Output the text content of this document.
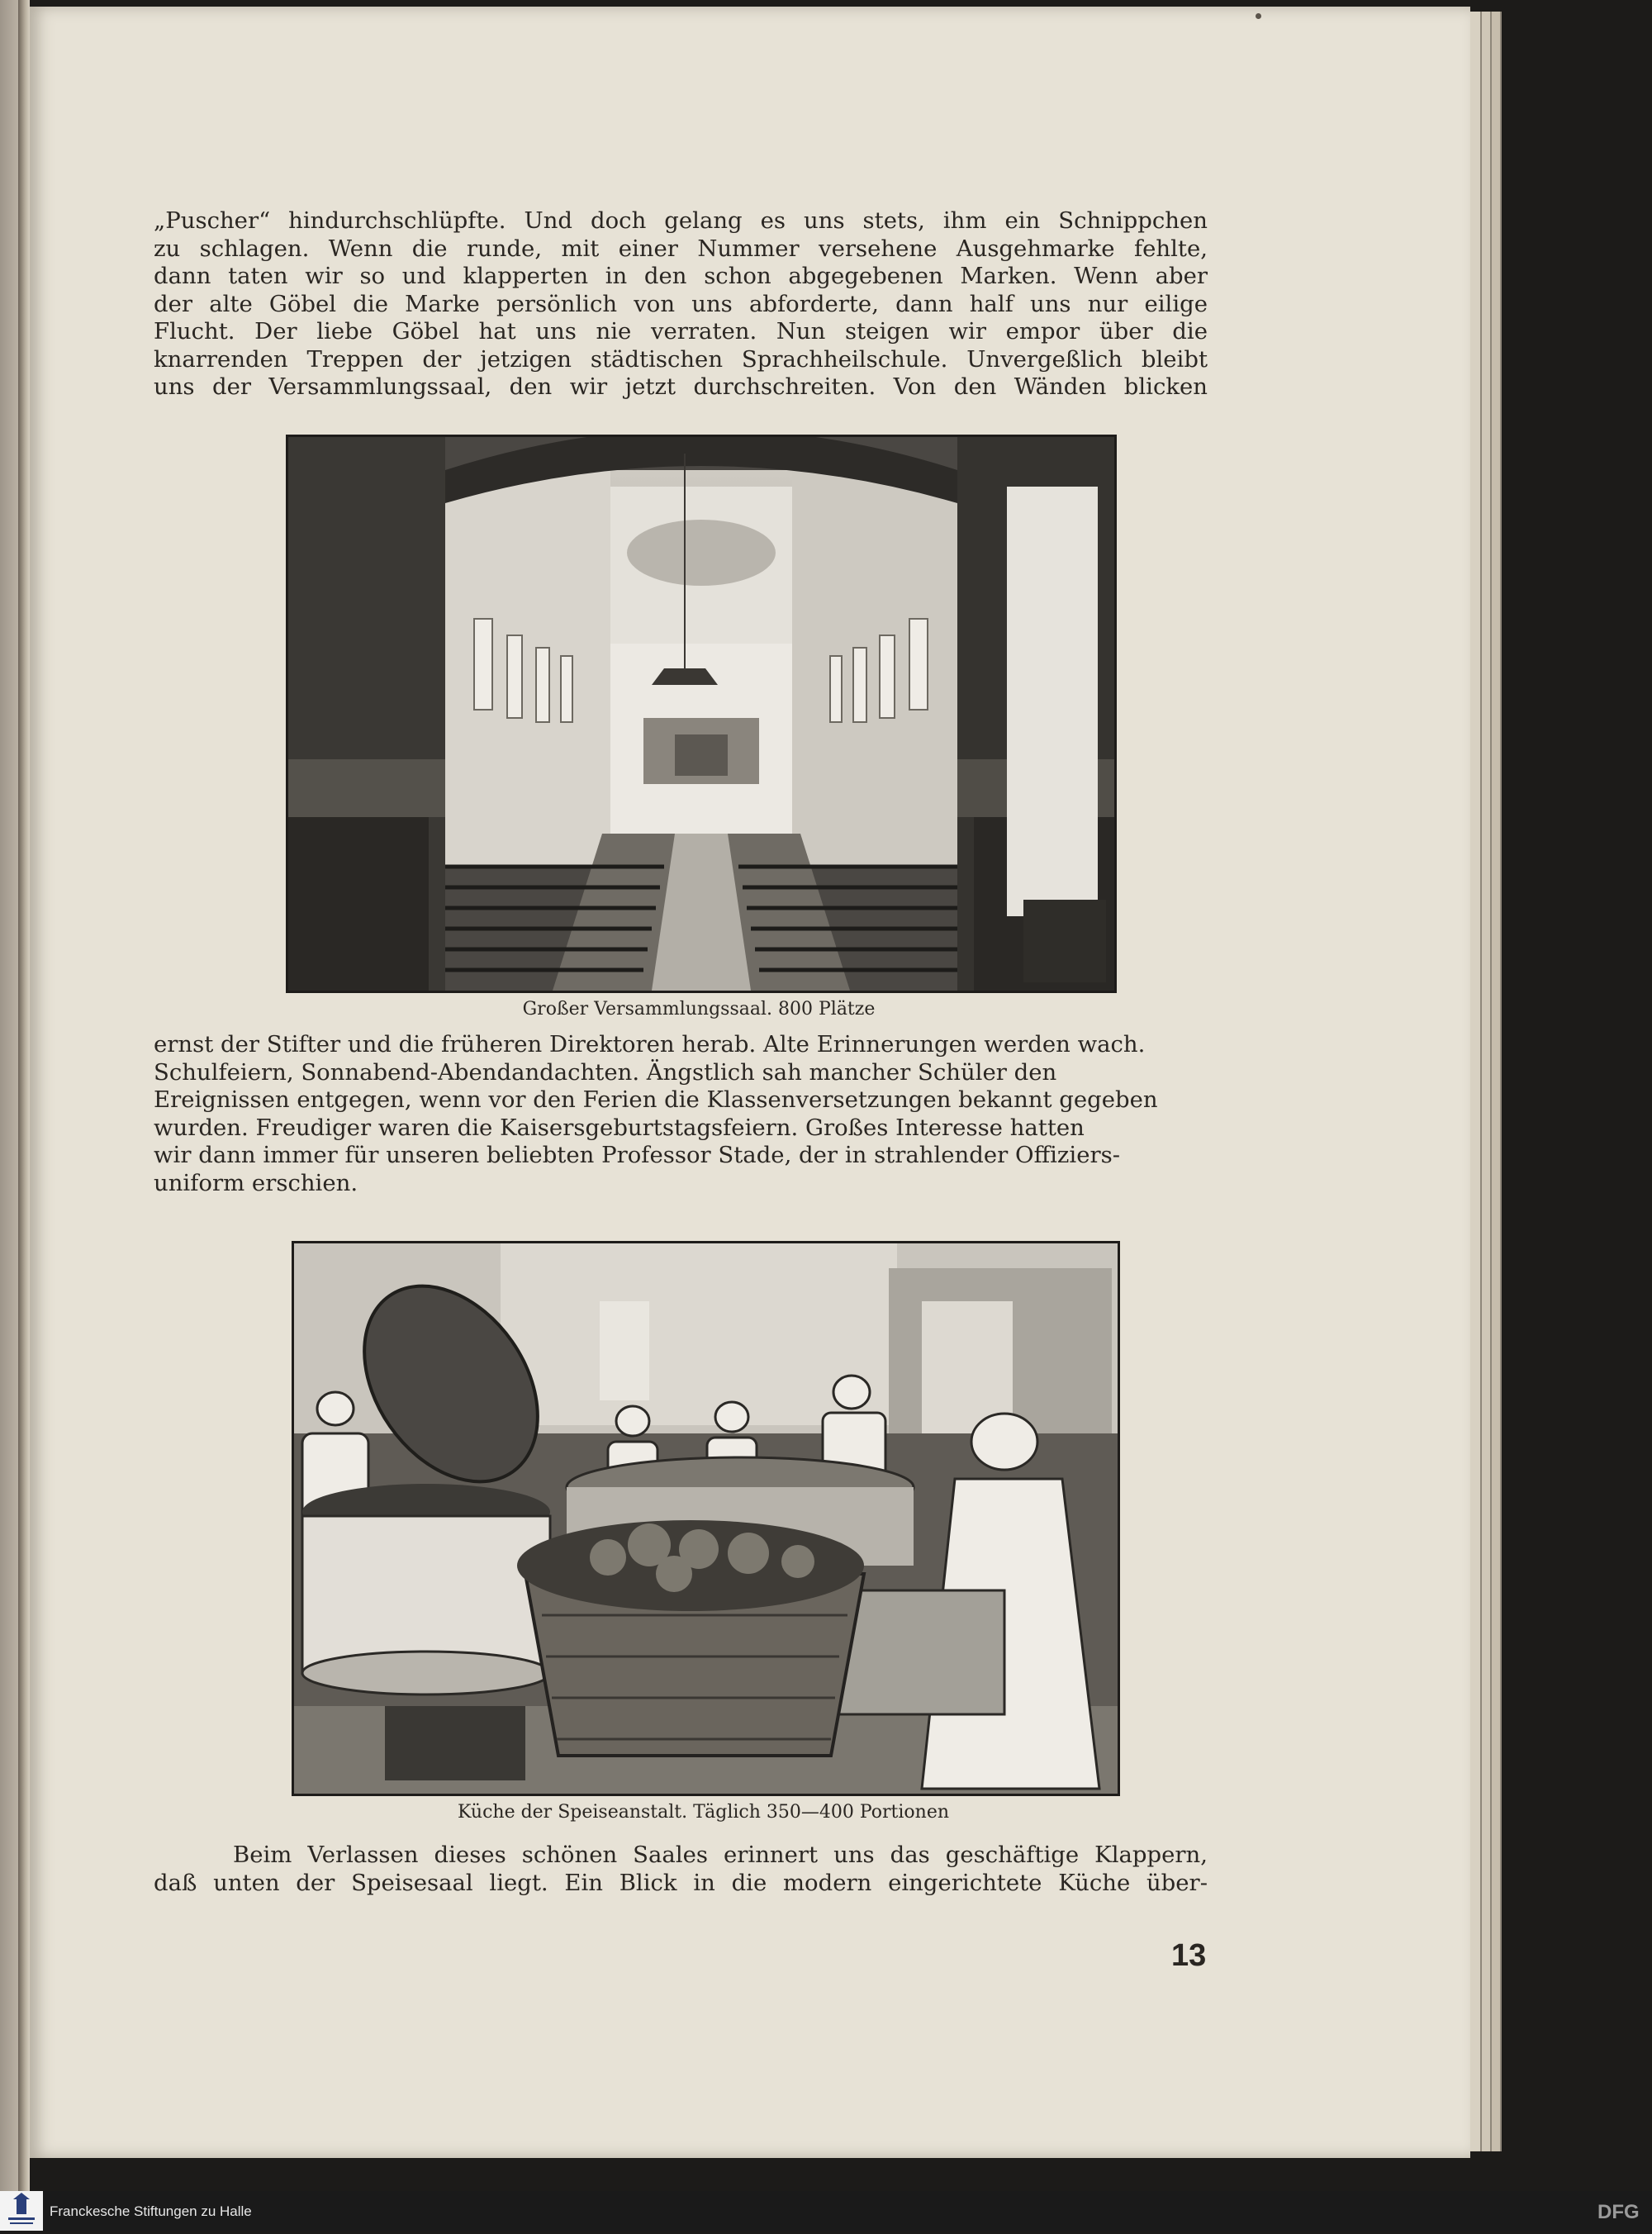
„Puscher“ hindurchschlüpfte. Und doch gelang es uns stets, ihm ein Schnippchen
zu schlagen. Wenn die runde, mit einer Nummer versehene Ausgehmarke fehlte,
dann taten wir so und klapperten in den schon abgegebenen Marken. Wenn aber
der alte Göbel die Marke persönlich von uns abforderte, dann half uns nur eilige
Flucht. Der liebe Göbel hat uns nie verraten. Nun steigen wir empor über die
knarrenden Treppen der jetzigen städtischen Sprachheilschule. Unvergeßlich bleibt
uns der Versammlungssaal, den wir jetzt durchschreiten. Von den Wänden blicken

Großer Versammlungssaal. 800 Plätze

ernst der Stifter und die früheren Direktoren herab. Alte Erinnerungen werden wach.
Schulfeiern, Sonnabend-Abendandachten. Ängstlich sah mancher Schüler den
Ereignissen entgegen, wenn vor den Ferien die Klassenversetzungen bekannt gegeben
wurden. Freudiger waren die Kaisersgeburtstagsfeiern. Großes Interesse hatten
wir dann immer für unseren beliebten Professor Stade, der in strahlender Offiziers-
uniform erschien.

Küche der Speiseanstalt. Täglich 350—400 Portionen

Beim Verlassen dieses schönen Saales erinnert uns das geschäftige Klappern,
daß unten der Speisesaal liegt. Ein Blick in die modern eingerichtete Küche über-

13
Franckesche Stiftungen zu Halle	DFG
